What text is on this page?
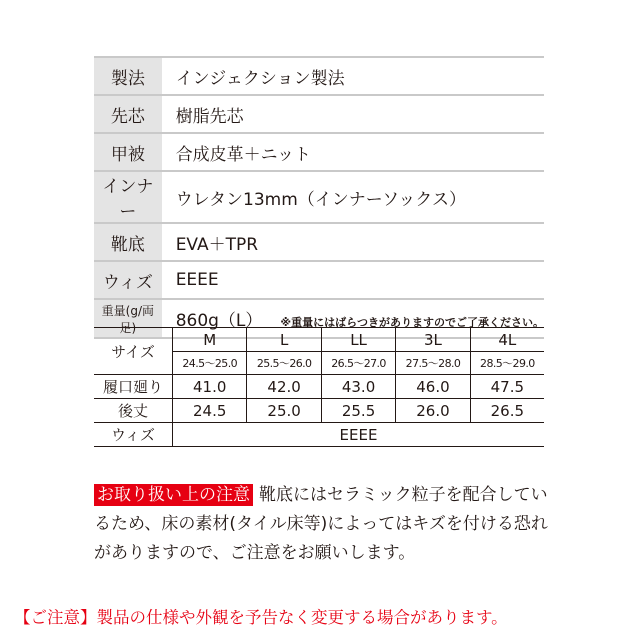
製法	インジェクション製法
先芯	樹脂先芯
甲被	合成皮革＋ニット
インナー	ウレタン13mm（インナーソックス）
靴底	EVA＋TPR
ウィズ	EEEE
重量(g/両足)	860g（L） ※重量にはばらつきがありますのでご了承ください。
サイズ	M	L	LL	3L	4L
	24.5〜25.0	25.5〜26.0	26.5〜27.0	27.5〜28.0	28.5〜29.0
履口廻り	41.0	42.0	43.0	46.0	47.5
後丈	24.5	25.0	25.5	26.0	26.5
ウィズ	EEEE				
お取り扱い上の注意 靴底にはセラミック粒子を配合しているため、床の素材(タイル床等)によってはキズを付ける恐れがありますので、ご注意をお願いします。
【ご注意】製品の仕様や外観を予告なく変更する場合があります。
